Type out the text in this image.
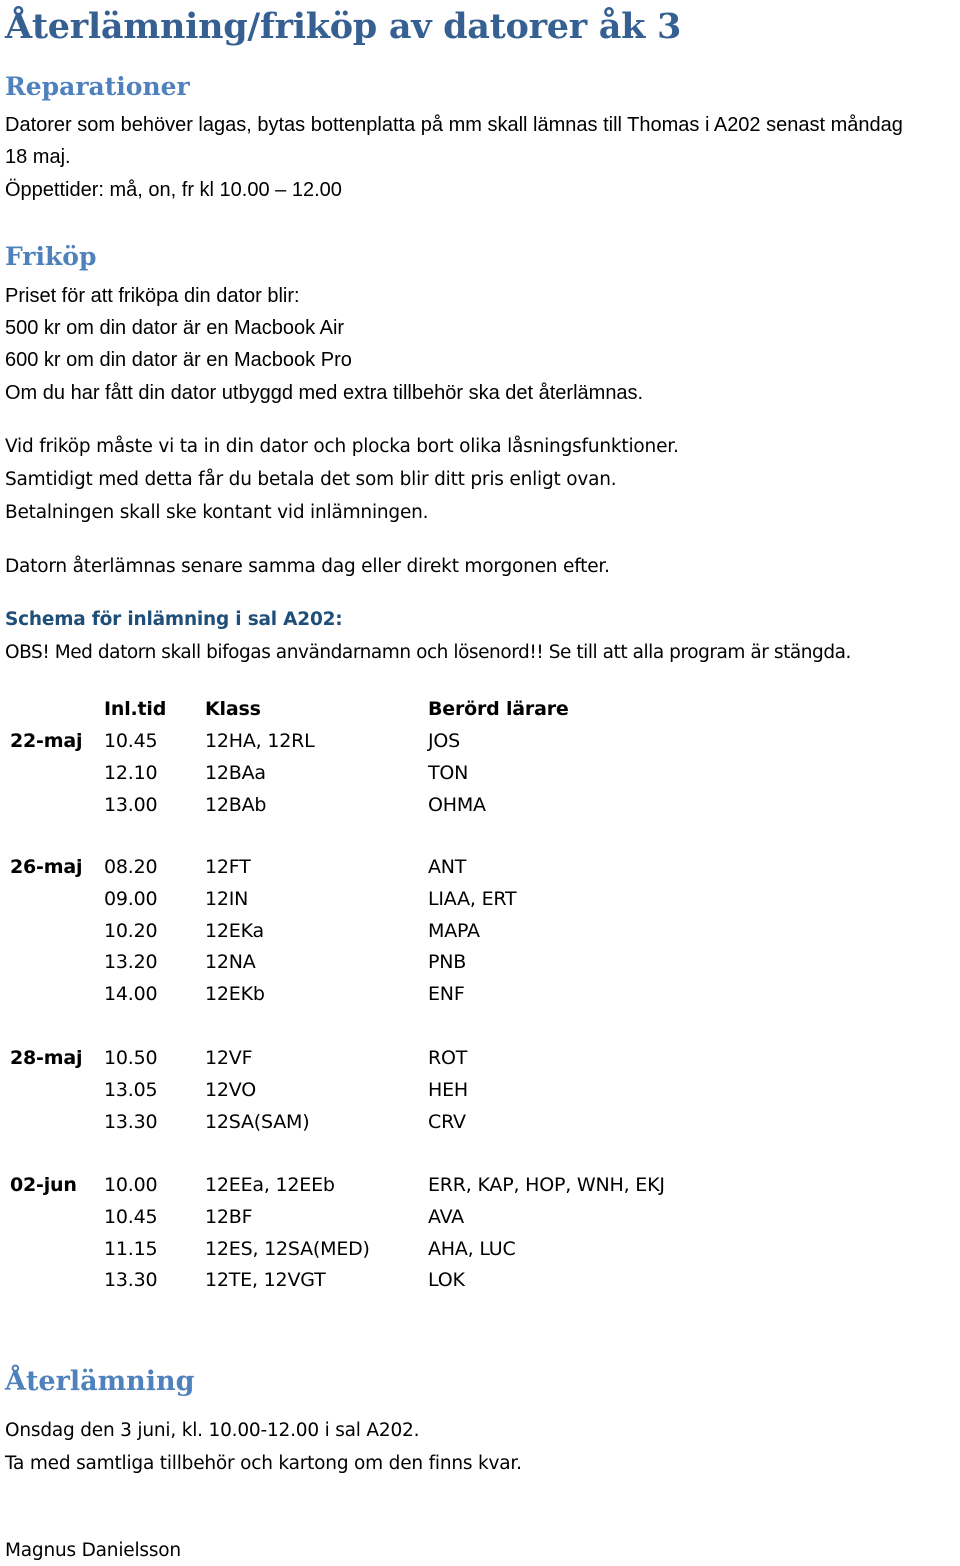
Återlämning/friköp av datorer åk 3
Reparationer
Datorer som behöver lagas, bytas bottenplatta på mm skall lämnas till Thomas i A202 senast måndag
18 maj.
Öppettider: må, on, fr kl 10.00 – 12.00
Friköp
Priset för att friköpa din dator blir:
500 kr om din dator är en Macbook Air
600 kr om din dator är en Macbook Pro
Om du har fått din dator utbyggd med extra tillbehör ska det återlämnas.
Vid friköp måste vi ta in din dator och plocka bort olika låsningsfunktioner.
Samtidigt med detta får du betala det som blir ditt pris enligt ovan.
Betalningen skall ske kontant vid inlämningen.
Datorn återlämnas senare samma dag eller direkt morgonen efter.
Schema för inlämning i sal A202:
OBS! Med datorn skall bifogas användarnamn och lösenord!! Se till att alla program är stängda.
Inl.tid Klass	Berörd lärare
22-maj 10.45	12HA, 12RL	JOS
12.10	12BAa	TON
13.00	12BAb	OHMA
26-maj 08.20	12FT	ANT
09.00	12IN	LIAA, ERT
10.20	12EKa	MAPA
13.20	12NA	PNB
14.00	12EKb	ENF
28-maj 10.50	12VF	ROT
13.05	12VO	HEH
13.30	12SA(SAM)	CRV
02-jun 10.00	12EEa, 12EEb	ERR, KAP, HOP, WNH, EKJ
10.45	12BF	AVA
11.15	12ES, 12SA(MED)	AHA, LUC
13.30	12TE, 12VGT	LOK
Återlämning
Onsdag den 3 juni, kl. 10.00-12.00 i sal A202.
Ta med samtliga tillbehör och kartong om den finns kvar.
Magnus Danielsson
